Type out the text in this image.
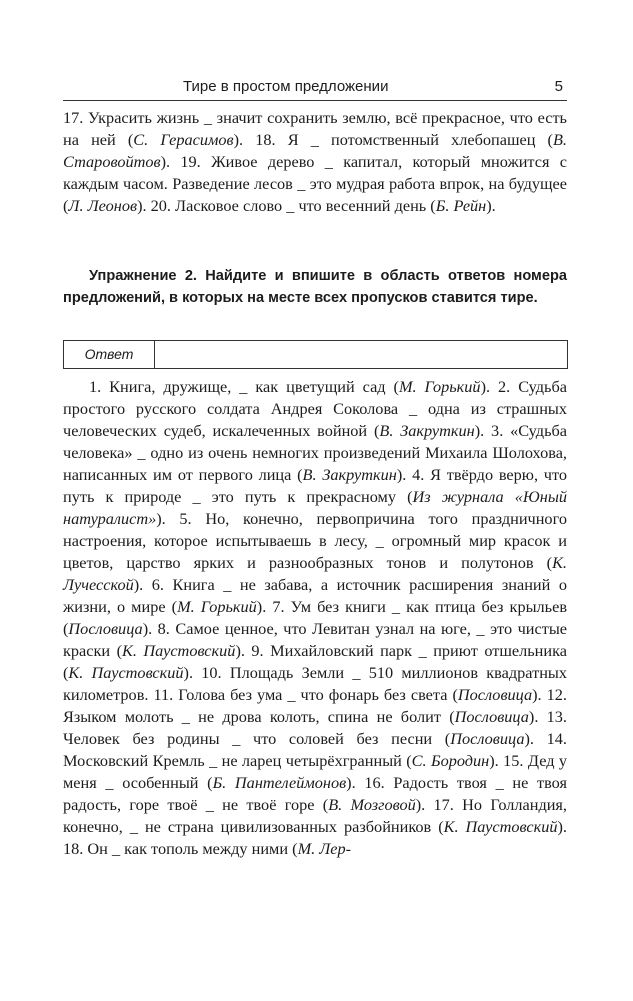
Тире в простом предложении	5
17. Украсить жизнь _ значит сохранить землю, всё прекрасное, что есть на ней (С. Герасимов). 18. Я _ потомственный хлебопашец (В. Старовойтов). 19. Живое дерево _ капитал, который множится с каждым часом. Разведение лесов _ это мудрая работа впрок, на будущее (Л. Леонов). 20. Ласковое слово _ что весенний день (Б. Рейн).
Упражнение 2. Найдите и впишите в область ответов номера предложений, в которых на месте всех пропусков ставится тире.
Ответ
1. Книга, дружище, _ как цветущий сад (М. Горький). 2. Судьба простого русского солдата Андрея Соколова _ одна из страшных человеческих судеб, искалеченных войной (В. Закруткин). 3. «Судьба человека» _ одно из очень немногих произведений Михаила Шолохова, написанных им от первого лица (В. Закруткин). 4. Я твёрдо верю, что путь к природе _ это путь к прекрасному (Из журнала «Юный натуралист»). 5. Но, конечно, первопричина того праздничного настроения, которое испытываешь в лесу, _ огромный мир красок и цветов, царство ярких и разнообразных тонов и полутонов (К. Лучесской). 6. Книга _ не забава, а источник расширения знаний о жизни, о мире (М. Горький). 7. Ум без книги _ как птица без крыльев (Пословица). 8. Самое ценное, что Левитан узнал на юге, _ это чистые краски (К. Паустовский). 9. Михайловский парк _ приют отшельника (К. Паустовский). 10. Площадь Земли _ 510 миллионов квадратных километров. 11. Голова без ума _ что фонарь без света (Пословица). 12. Языком молоть _ не дрова колоть, спина не болит (Пословица). 13. Человек без родины _ что соловей без песни (Пословица). 14. Московский Кремль _ не ларец четырёхгранный (С. Бородин). 15. Дед у меня _ особенный (Б. Пантелеймонов). 16. Радость твоя _ не твоя радость, горе твоё _ не твоё горе (В. Мозговой). 17. Но Голландия, конечно, _ не страна цивилизованных разбойников (К. Паустовский). 18. Он _ как тополь между ними (М. Лер-
